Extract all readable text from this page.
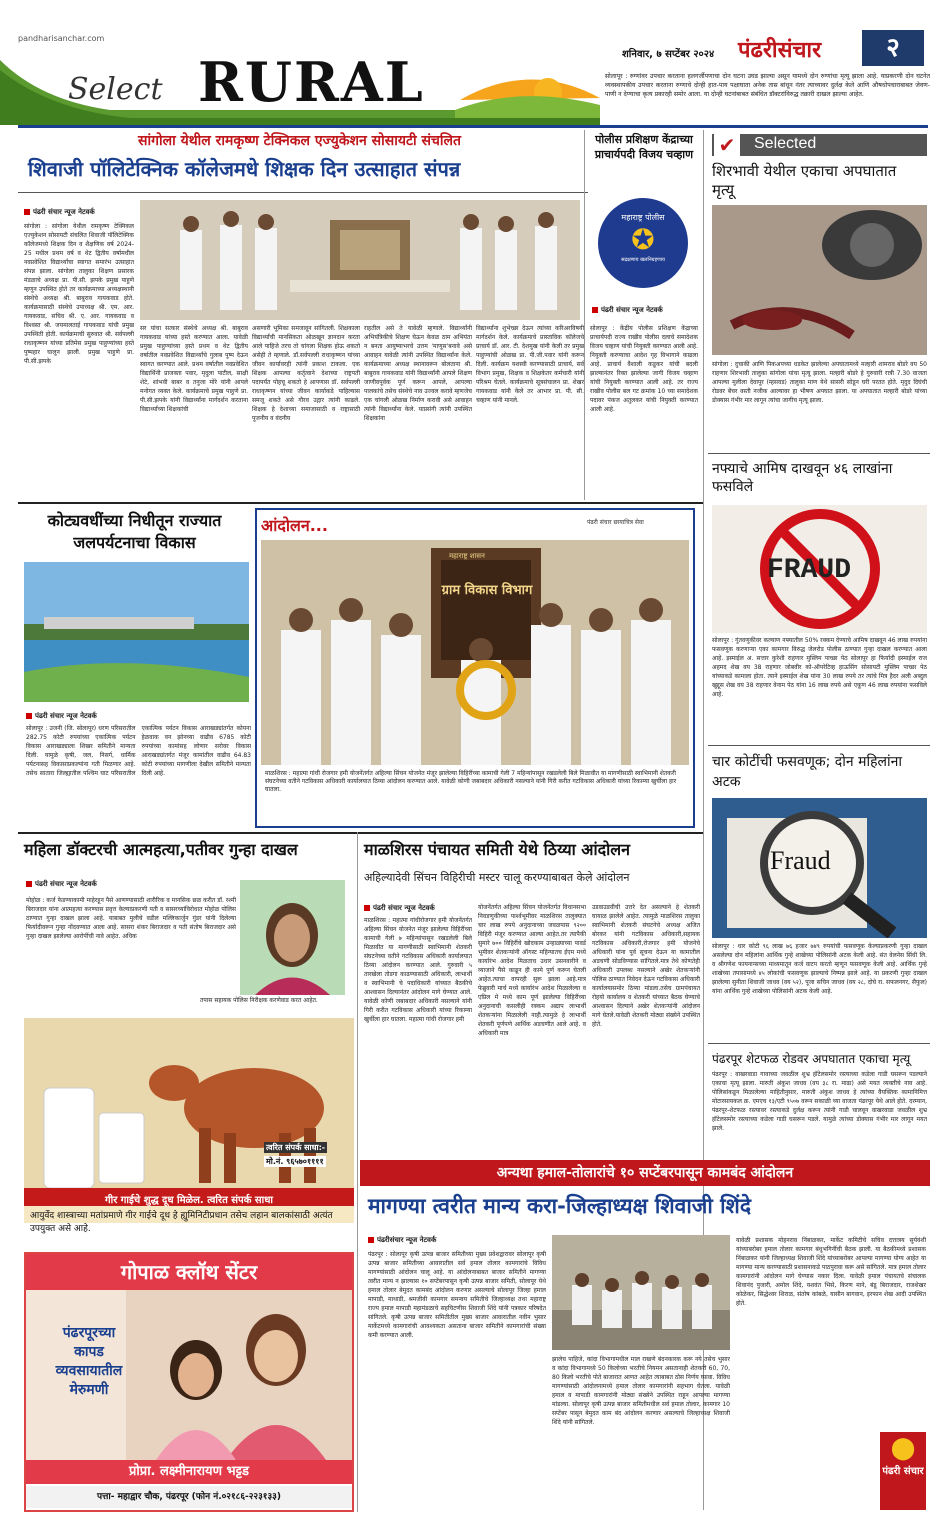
pandharisanchar.com
Select RURAL	शनिवार, ७ सप्टेंबर २०२४ पंढरीसंचार	२
सोलापूर : रुग्णांवर उपचार करताना हलगर्जीपणाचा दोन घटना उघड झाल्या असून यामध्ये दोन रुग्णांचा मृत्यू झाला आहे. याप्रकरणी दोन घटनेत व्यवस्थापकीय उपचार करताना रुग्णाचे दोन्ही हात-पाय पक्षाघाता अनेक तास बांधून नंतर त्याच्यावर दुर्लक्ष केले आणि औषधोपचाराबाबत जेवण-पाणी न देण्याचा कृत्य प्रकारही समोर आला. या दोन्ही घटनांबाबत संबंधित डॉक्टरांविरुद्ध तक्रारी दाखल झाल्या आहेत.
सांगोला येथील रामकृष्ण टेक्निकल एज्युकेशन सोसायटी संचलित
शिवाजी पॉलिटेक्निक कॉलेजमधे शिक्षक दिन उत्साहात संपन्न
पंढरी संचार न्यूज नेटवर्क
सांगोला : सांगोला येथील रामकृष्ण टेक्निकल एज्युकेशन सोसायटी संचलित शिवाजी पॉलिटेक्निक कॉलेजमध्ये शिक्षक दिन व शैक्षणिक वर्ष 2024-25 मधील प्रथम वर्ष व थेट द्वितीय वर्षामधील नवप्रवेशित विद्यार्थ्यांचा स्वागत समारंभ उत्साहात संपन्न झाला. सांगोला तालुका शिक्षण प्रसारक मंडळाचे अध्यक्ष प्रा. पी.सी. झपके प्रमुख पाहुणे म्हणून उपस्थित होते तर कार्यक्रमाच्या अध्यक्षस्थानी संस्थेचे अध्यक्ष श्री. बाबुराव गायकवाड होते. कार्यक्रमासाठी संस्थेचे उपाध्यक्ष श्री. एम. आर. गायकवाड, सचिव श्री. ए. आर. गायकवाड व विश्वस्त श्री. जयमालताई गायकवाड यांची प्रमुख उपस्थिती होती. कार्यक्रमाची सुरुवात श्री. सर्वपल्ली राधाकृष्णन यांच्या प्रतिमेस प्रमुख पाहुण्यांच्या हस्ते पुष्पहार घालून झाली. प्रमुख पाहुणे प्रा. पी.सी.झपके
सर यांचा सत्कार संस्थेचे अध्यक्ष श्री. बाबुराव गायकवाड यांच्या हस्ते करण्यात आला. यावेळी प्रमुख पाहुण्यांच्या हस्ते प्रथम व थेट द्वितीय वर्षातील नवप्रवेशित विद्यार्थ्यांचे गुलाब पुष्प देऊन स्वागत करण्यात आले. प्रथम वर्षातील नवप्रवेशित विद्यार्थिनी प्राजक्ता पवार, मृदुला पाटील, साक्षी शेटे, शांभवी बाबर व तनुजा मोरे यांनी आपले मनोगत व्यक्त केले. कार्यक्रमाचे प्रमुख पाहुणे प्रा. पी.सी.झपके यांनी विद्यार्थ्यांना मार्गदर्शन करताना विद्यार्थ्यांच्या शिक्षकांची
असणारी भूमिका समजावून सांगितली. शिक्षकाला विद्यार्थ्यांची मानसिकता ओळखून ज्ञानदान करता आले पाहिजे तरच तो चांगला शिक्षक होऊ शकतो असेही ते म्हणाले. डॉ.सर्वपल्ली राधाकृष्णन यांच्या जीवन कार्यावरही त्यांनी प्रकाश टाकला. एक शिक्षक आपल्या कर्तृत्वाने देशाच्या राष्ट्रपती पदापर्यंत पोहचू शकतो हे आपणास डॉ. सर्वपल्ली राधाकृष्णन यांच्या जीवन कार्याकडे पाहिल्यास समजू शकते असे गौरव उद्गार त्यांनी काढले. शिक्षक हे देशाच्या समाजासाठी व राष्ट्रासाठी पूजनीय व वंदनीय
राहतील असे ते यावेळी म्हणाले. विद्यार्थ्यांनी अभियंत्रिकीचे शिक्षण घेऊन केवळ ठाम अभियंता न बनता आयुष्याभरचे उत्तम 'माणूस'बनावे असे आवाहन यावेळी त्यांनी उपस्थित विद्यार्थ्यांना केले. कार्यक्रमाच्या अध्यक्ष स्थानावरून बोलताना श्री. बाबुराव गायकवाड यांनी विद्यार्थ्यांनी आपले शिक्षण जाणीवपूर्वक पूर्ण करून आपले, आपल्या पालकांचे तसेच संस्थेचे नाव उज्वल करावे म्हणजेच एक चांगली ओळख निर्माण करावी असे आवाहन त्यांनी विद्यार्थ्यांना केले. याप्रसंगी त्यांनी उपस्थित शिक्षकांना
विद्यार्थ्यांना शुभेच्छा देऊन त्यांच्या करिअरविषयी मार्गदर्शन केले. कार्यक्रमाचे प्रास्ताविक कॉलेजचे प्राचार्य डॉ. आर. टी. देशमुख यांनी केली तर प्रमुख पाहुण्यांची ओळख प्रा. पी.जी.पवार यांनी करून दिली. कार्यक्रम यशस्वी करण्यासाठी प्राचार्य, सर्व विभाग प्रमुख, शिक्षक व शिक्षकेतर कर्मचारी यांनी परिश्रम घेतले. कार्यक्रमाचे सूत्रसंचालन प्रा. शेखर गायकवाड यांनी केले तर आभार प्रा. पी. सी. चव्हाण यांनी मानले.
पोलीस प्रशिक्षण केंद्राच्या प्राचार्यपदी विजय चव्हाण
महाराष्ट्र पोलीस
✪
सद्रक्षणाय खलनिग्रहणाय
पंढरी संचार न्यूज नेटवर्क
सोलापूर : केंद्रीय पोलीस प्रशिक्षण केंद्राच्या प्राचार्यपदी राज्य राखीव पोलीस दलाचे समादेशक विजय चव्हाण यांची नियुक्ती करण्यात आली आहे. नियुक्ती करण्याचा आदेश गृह विभागाने काढला आहे. प्राचार्य वैशाली कडूकर यांची बदली झाल्यानंतर रिक्त झालेल्या जागी विजय चव्हाण यांची नियुक्ती करण्यात आली आहे. तर राज्य राखीव पोलीस बल गट क्रमांक 10 च्या समादेशक पदावर पंकज अतुलकर यांची नियुक्ती करण्यात आली आहे.
✔ Selected
शिरभावी येथील एकाचा अपघातात मृत्यू
सांगोला : दुचाकी आणि पिकअपच्या धडकेत झालेल्या अपघातामध्ये मल्हारी शामराव बोडरे वय 50 राहणार शिरभावी तालुका सांगोला यांचा मृत्यू झाला. मल्हारी बोडरे हे गुरुवारी रात्री 7.30 वाजता आपल्या मुलीला देवापूर (म्हसवड) तालुका माण येथे सासरी सोडून घरी परतत होते. मृदुद दिघंची रोडवर बेंचर वस्ती नजीक आल्यावर हा भीषण अपघात झाला. या अपघातात मल्हारी बोडरे यांच्या डोक्यास गंभीर मार लागून त्यांचा जागीच मृत्यू झाला.
नफ्याचे आमिष दाखवून ४६ लाखांना फसविले
FRAUD
सोलापूर : गुंतवणुकीवर कल्याण नफ्यातील 50% रक्कम देण्याचे आमिष दाखवून 46 लाख रुपयांना फसवणूक करणाऱ्या एका कामगार विरुद्ध जेलरोड पोलीस ठाण्यात गुन्हा दाखल करण्यात आला आहे. इस्माईल अ. सत्तार कुरेशी राहणार मुस्लिम पाच्छा पेठ सोलापूर हा फिर्यादी इस्माईल राज अहमद शेख वय 38 राहणार जोबवीर को-ऑपरेटिव्ह हाऊसिंग सोसायटी मुस्लिम पाच्छा पेठ यांच्याकडे कामाला होता. त्याने इस्माईल शेख यांना 30 लाख रुपये तर त्यांचे मित्र हैदर अली अब्दुल खुद्दूस शेख वय 38 राहणार वेनाम पेठ यांना 16 लाख रुपये असे एकूण 46 लाख रुपयांना फसविले आहे.
चार कोटींची फसवणूक; दोन महिलांना अटक
Fraud
सोलापूर : धार कोटी ९६ लाख ७६ हजार ७४९ रुपयांची फसवणूक केल्याप्रकरणी गुन्हा दाखल असलेल्या दोन महिलांना आर्थिक गुन्हे शाखेच्या पोलिसांनी अटक केली आहे. संत वेलनेस सिंधी लि. व श्रीगणेश फायनान्सच्या माध्यमातून कर्ज वाटप करतो म्हणून फसवणूक केली आहे. आर्थिक गुन्हे शाखेच्या तपासामध्ये ४५ लोकांची फसवणूक झाल्याचे निष्पन्न झाले आहे. या प्रकरणी गुन्हा दाखल झालेल्या सुनीता शिवाजी जाधव (वय ५२), पूजा सचिन जाधव (वय २८, दोघे रा. सफलनगर, सैफुल) यांना आर्थिक गुन्हे शाखेच्या पोलिसांनी अटक केली आहे.
पंढरपूर शेटफळ रोडवर अपघातात एकाचा मृत्यू
पंढरपूर : वाखरवाडा गावाच्या जवळील शुभ्र हॉटेलसमोर रस्त्याच्या कडेला गाडी घसरून पडल्याने एकाचा मृत्यू झाला. मारुती अंकुश जाधव (वय ३८ रा. माढा) असे मयत व्यक्तीचे नाव आहे. पोलिसांकडून मिळालेल्या माहितीनुसार, मारुती अंकुश जाधव हे त्यांच्या वैयक्तिक कामानिमित्त मोटारसायकल क्र. एमएच १३/एटी ९५०७ वरून सकाळी च्या वाजता पंढरपूर येथे आले होते. दरम्यान, पंढरपूर-शेटफळ रस्त्यावर रस्त्याकडे दुर्लक्ष करून त्यांनी गाडी चालवून वाखरवाडा जवळील शुभ्र हॉटेलसमोर रस्त्याच्या कडेला गाडी घसरून पडले. यामुळे त्यांच्या डोक्यास गंभीर मार लागून मयत झाले.
कोट्यवधींच्या निधीतून राज्यात जलपर्यटनाचा विकास
पंढरी संचार न्यूज नेटवर्क
सोलापूर : उजनी (जि. सोलापूर) धरण परिसरातील 282.75 कोटी रुपयांच्या एकात्मिक पर्यटन विकास आराखड्याला शिखर समितीने मान्यता दिली. यामुळे कृषी, जल, निसर्ग, धार्मिक पर्यटनासह विकासाप्रकल्पांना गती मिळणार आहे. तसेच सातारा जिल्ह्यातील पश्चिम घाट परिसरातील एकात्मिक पर्यटन विकास आराखड्यांतर्गत कोयना हेळवाक वन झोनच्या वाढीव 6785 कोटी रुपयांच्या कामांसह लोणार सरोवर विकास आराखड्यांतर्गत मंजूर कामांतील वाढीव 64.83 कोटी रुपयांच्या मागणीला देखील समितीने मान्यता दिली आहे.
आंदोलन...	पंढरी संचार छायाचित्र सेवा
महाराष्ट्र शासन
ग्राम विकास विभाग
माळशिरस : महात्मा गांधी रोजगार हमी योजनेंतर्गत अहिल्या सिंचन योजनेत मंजूर झालेल्या विहिरींच्या कामाची गेली 7 महिन्यांपासून रखडलेली बिले मिळावीत या मागणीसाठी स्वाभिमानी शेतकरी संघटनेच्या वतीने गटविकास अधिकारी कार्यालयात ठिय्या आंदोलन करण्यात आले. यावेळी कोणी जबाबदार अधिकारी नसल्याने यांनी गिरी करीत गटविकास अधिकारी यांच्या रिकाम्या खुर्चीला हार घातला.
महिला डॉक्टरची आत्महत्या,पतीवर गुन्हा दाखल
पंढरी संचार न्यूज नेटवर्क
मोहोळ : कर्ज फेडण्याकामी माहेरहून पैसे आणण्यासाठी शारीरिक व मानसिक छळ करीत डॉ. रश्मी बिराजदार यांना आत्महत्या करण्यास प्रवृत्त केल्याप्रकरणी पती व सासरच्यांविरोधात मोहोळ पोलिस ठाण्यात गुन्हा दाखल झाला आहे. याबाबत मुलीचे वडील मल्लिकार्जुन गुंडर यांनी दिलेल्या फिर्यादीवरून गुन्हा नोंदवण्यात आला आहे. सासरा शंकर बिराजदार व पती संतोष बिराजदार असे गुन्हा दाखल झालेल्या आरोपींची नावे आहेत. अधिक
तपास सहायक पोलिस निरीक्षक करणेवाड करत आहेत.
त्वरित संपर्क साधा:-
मो.नं. ९६५७०११११
गीर गाईचे शुद्ध दूध मिळेल. त्वरित संपर्क साधा
आयुर्वेद शास्त्राच्या मतांप्रमाणे गीर गाईचे दूध हे ह्युमिनिटीप्रधान तसेच लहान बालकांसाठी अत्यंत उपयुक्त असे आहे.
गोपाळ क्लॉथ सेंटर
पंढरपूरच्या
कापड
व्यवसायातील
मेरुमणी
प्रोप्रा. लक्ष्मीनारायण भट्टड
पत्ता- महाद्वार चौक, पंढरपूर (फोन नं.०२१८६-२२३१३३)
माळशिरस पंचायत समिती येथे ठिय्या आंदोलन
अहिल्यादेवी सिंचन विहिरीची मस्टर चालू करण्याबाबत केले आंदोलन
पंढरी संचार न्यूज नेटवर्क
माळशिरस : महात्मा गांधीरोजगार हमी योजनेंतर्गत अहिल्या सिंचन योजनेत मंजूर झालेल्या विहिरींच्या कामाची गेली ७ महिन्यांपासून रखडलेली बिले मिळावीत या मागणीसाठी स्वाभिमानी शेतकरी संघटनेच्या वतीने गटविकास अधिकारी कार्यालयात ठिय्या आंदोलन करण्यात आले. गुरुवारी ५ तारखेला तोडगा काढण्यासाठी अधिकारी, लाभार्थी व स्वाभिमानी चे पदाधिकारी यांच्यात बैठकीचे आश्वासन दिल्यानंतर आंदोलन मागे घेण्यात आले. यावेळी कोणी जबाबदार अधिकारी नसल्याने यांनी गिरी करीत गटविकास अधिकारी यांच्या रिकाम्या खुर्चीला हार घातला. महात्मा गांधी रोजगार हमी
योजनेंतर्गत अहिल्या सिंचन योजनेंतर्गत विधानसभा निवडणुकीच्या पार्श्वभूमीवर माळशिरस तालुक्यात चार लाख रुपये अनुदानाच्या जवळपास ९२०० विहिरी मंजूर करण्यात आल्या आहेत.तर त्यापैकी सुमारे ७०० विहिरींचे खोदकाम उन्हाळ्याच्या पावर्ड भूमीवर शेतकऱ्यांनी ऑगस्ट महिन्यातच ईएम मध्ये कार्यारंभ आदेश मिळताच उधार उसनवारीने व व्याजाने पैसे काढून ही कामे पूर्ण करून घेतली आहेत.त्याचा वापरही सुरू झाला आहे.मात्र फेब्रुवारी मार्च मध्ये कार्यारंभ आदेश मिळालेल्या व एप्रिल मे मध्ये काम पूर्ण झालेल्या विहिरींच्या अनुदानाची कसलीही रक्कम अद्याप लाभार्थी शेतकऱ्यांना मिळालेली नाही.त्यामुळे हे लाभार्थी शेतकरी पूर्णपणे आर्थिक अडचणीत आले आहे. व अधिकारी मात्र
उडवाउडवीची उत्तरे देत असल्याने हे शेतकरी घायाळ झालेले आहेत. त्यामुळे माळशिरस तालुका स्वाभिमानी शेतकरी संघटनेचे अध्यक्ष अजित बोरकर यांनी गटविकास अधिकारी,सहायक गटविकास अधिकारी,रोजगार हमी योजनेचे अधिकारी यांना पूर्व सूचना देऊन या कामातील अडचणी सोडविण्यास सांगितले.मात्र तेथे कोणतेही अधिकारी उपलब्ध नसल्याने अखेर शेतकऱ्यांनी पोलिस ठाण्यात निवेदन देऊन गटविकास अधिकारी कार्यालयासमोर ठिय्या मांडला.तसेच ग्रामपंचायत रोहयो कार्यालय व शेतकरी यांच्यात बैठक घेण्याचे आश्वासन दिल्याने अखेर शेतकऱ्यांनी आंदोलन मागे घेतले.यावेळी शेतकरी मोठ्या संख्येने उपस्थित होते.
अन्यथा हमाल-तोलारांचे १० सप्टेंबरपासून कामबंद आंदोलन
मागण्या त्वरीत मान्य करा-जिल्हाध्यक्ष शिवाजी शिंदे
पंढरीसंचार न्यूज नेटवर्क
पंढरपूर : सोलापूर कृषी उत्पन्न बाजार समितीच्या मुख्य प्रवेशद्वारावर सोलापूर कृषी उत्पन्न बाजार समितीच्या आवारातील सर्व हमाल तोलार कामगारांचे विविध मागण्यांसाठी आंदोलन चालू आहे. या आंदोलनाबाबत बाजार समितीने मागण्या त्वरीत मान्य न झाल्यास १० सप्टेंबरपासून कृषी उत्पन्न बाजार समिती, सोलापूर येथे हमाल तोलार बेमुदत कामबंद आंदोलन करणार असल्याचे सोलापूर जिल्हा हमाल मापाडी, माथाडी, श्रमजीवी कामगार समन्वय समितीचे जिल्हाध्यक्ष तथा महाराष्ट्र राज्य हमाल मापाडी महामंडळाचे सहचिटणीस शिवाजी शिंदे यांनी पत्रकार परिषदेत सांगितले. कृषी उत्पन्न बाजार समितीतील मुख्य बाजार आवारातील नवीन भुसार मार्केटमध्ये कामगारांची आवश्यकता असताना बाजार समितीने कामगारांची संख्या कमी करण्यात आली.
झालेच पाहिजे, कांदा विभागामधील माल राखणे बंदनकारक करू नये तसेच भुसार व कांदा विभागामध्ये 50 किलोच्या भरतीचे नियमन असतानाही शेतकरी 60, 70, 80 किलो भरतीचे पोते बाजारात आणत आहेत त्याबाबत ठोस निर्णय घ्यावा. विविध मागण्यांसाठी आंदोलनामध्ये हमाल तोलार कामगारांनी सहभाग घेतला. यावेळी हमाल व मापाडी कामगारांनी मोठ्या संख्येने उपस्थित राहून आपल्या मागण्या मांडल्या. सोलापूर कृषी उत्पन्न बाजार समितीमधील सर्व हमाल तोलार, कामगार 10 सप्टेंबर पासून बेमुदत काम बंद आंदोलन करणार असल्याचे जिल्हाध्यक्ष शिवाजी शिंदे यांनी सांगितले.
यावेळी प्रशासक मोहनराव निंबाळकर, मार्केट कमिटीचे सचिव दत्तात्रय सुर्यवंशी यांच्याबरोबर हमाल तोलार कामगार बंधुभगिनींची बैठक झाली. या बैठकीमध्ये प्रशासक निंबाळकर यांनी जिल्हाध्यक्ष शिवाजी शिंदे यांच्याबरोबर आपल्या मागण्या योग्य आहेत या मागण्या मान्य करण्यासाठी प्रशासनाकडे पाठपुरावा करू असे सांगितले. मात्र हमाल तोलार कामगारांनी आंदोलन मागे घेण्यास नकार दिला. यावेळी हमाल पंचायतचे संचालक शिवानंद पुजारी, अमोल शिंदे, यशवंत भिसे, किरण माने, बंडू बिराजदार, राजशेखर कोळेकर, सिद्धेश्वर शिराळ, संतोष कांबळे, यासीन बागवान, इरफान शेख आदी उपस्थित होते.
⬤
पंढरी संचार
